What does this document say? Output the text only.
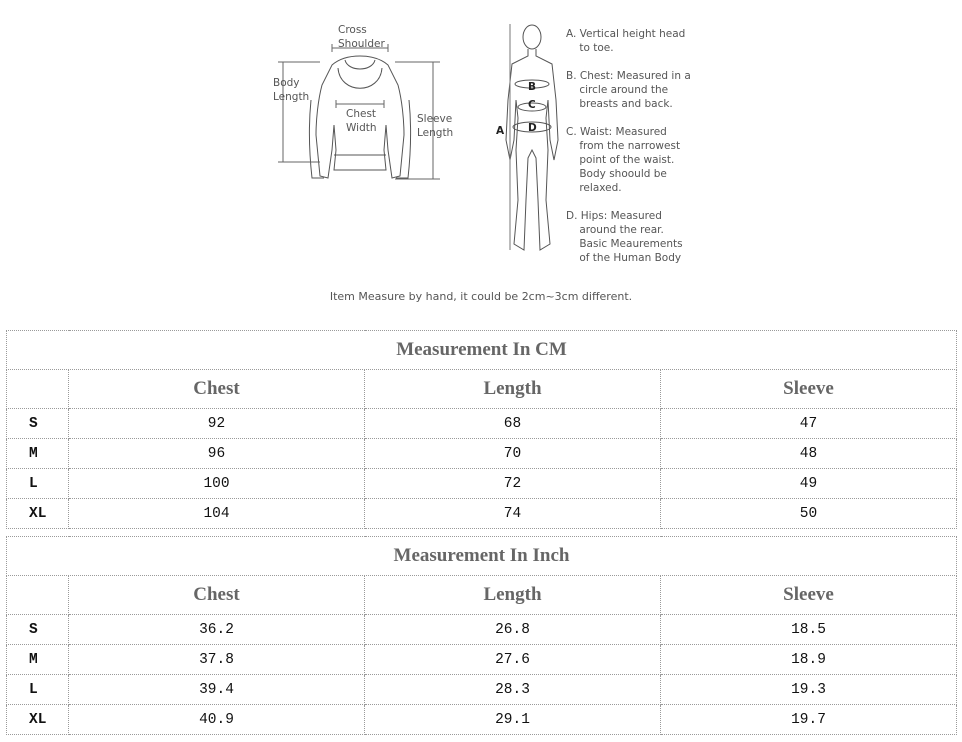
Cross
Shoulder
Body
Length
Chest
Width
Sleeve
Length
B
C
D
A
A. Vertical height head
to toe.
B. Chest: Measured in a
circle around the
breasts and back.
C. Waist: Measured
from the narrowest
point of the waist.
Body shoould be
relaxed.
D. Hips: Measured
around the rear.
Basic Meaurements
of the Human Body
Item Measure by hand, it could be 2cm~3cm different.
Measurement In CM			
	Chest	Length	Sleeve
S	92	68	47
M	96	70	48
L	100	72	49
XL	104	74	50
Measurement In Inch			
	Chest	Length	Sleeve
S	36.2	26.8	18.5
M	37.8	27.6	18.9
L	39.4	28.3	19.3
XL	40.9	29.1	19.7
